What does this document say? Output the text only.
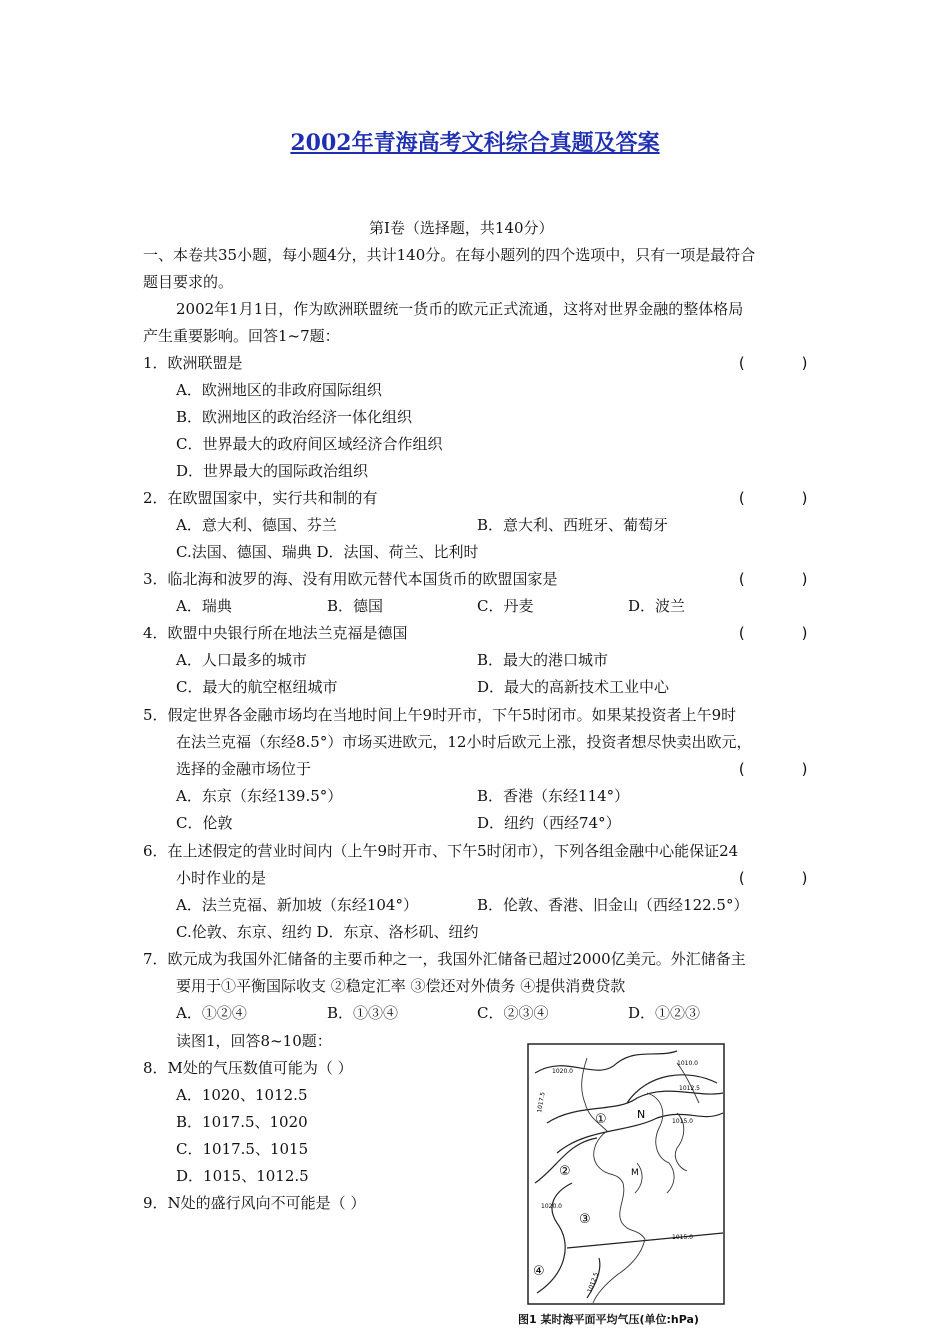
2002年青海高考文科综合真题及答案
第Ⅰ卷（选择题，共140分）
一、本卷共35小题，每小题4分，共计140分。在每小题列的四个选项中，只有一项是最符合
题目要求的。
2002年1月1日，作为欧洲联盟统一货币的欧元正式流通，这将对世界金融的整体格局
产生重要影响。回答1~7题：
1．欧洲联盟是	(      )
A．欧洲地区的非政府国际组织
B．欧洲地区的政治经济一体化组织
C．世界最大的政府间区域经济合作组织
D．世界最大的国际政治组织
2．在欧盟国家中，实行共和制的有	(      )
A．意大利、德国、芬兰	B．意大利、西班牙、葡萄牙
C.法国、德国、瑞典 D．法国、荷兰、比利时
3．临北海和波罗的海、没有用欧元替代本国货币的欧盟国家是	(      )
A．瑞典	B．德国	C．丹麦	D．波兰
4．欧盟中央银行所在地法兰克福是德国	(      )
A．人口最多的城市	B．最大的港口城市
C．最大的航空枢纽城市	D．最大的高新技术工业中心
5．假定世界各金融市场均在当地时间上午9时开市，下午5时闭市。如果某投资者上午9时
在法兰克福（东经8.5°）市场买进欧元，12小时后欧元上涨，投资者想尽快卖出欧元，
选择的金融市场位于	(      )
A．东京（东经139.5°）	B．香港（东经114°）
C．伦敦	D．纽约（西经74°）
6．在上述假定的营业时间内（上午9时开市、下午5时闭市），下列各组金融中心能保证24
小时作业的是	(      )
A．法兰克福、新加坡（东经104°）	B．伦敦、香港、旧金山（西经122.5°）
C.伦敦、东京、纽约 D．东京、洛杉矶、纽约
7．欧元成为我国外汇储备的主要币种之一，我国外汇储备已超过2000亿美元。外汇储备主
要用于①平衡国际收支 ②稳定汇率 ③偿还对外债务 ④提供消费贷款
A．①②④	B．①③④	C．②③④	D．①②③
读图1，回答8~10题：
8．M处的气压数值可能为（ ）
A．1020、1012.5
B．1017.5、1020
C．1017.5、1015
D．1015、1012.5
9．N处的盛行风向不可能是（ ）
①
②
③
④
N
M
1010.0
1012.5
1015.0
1017.5
1015.0
1012.5
1020.0
1020.0
图1 某时海平面平均气压(单位:hPa)
